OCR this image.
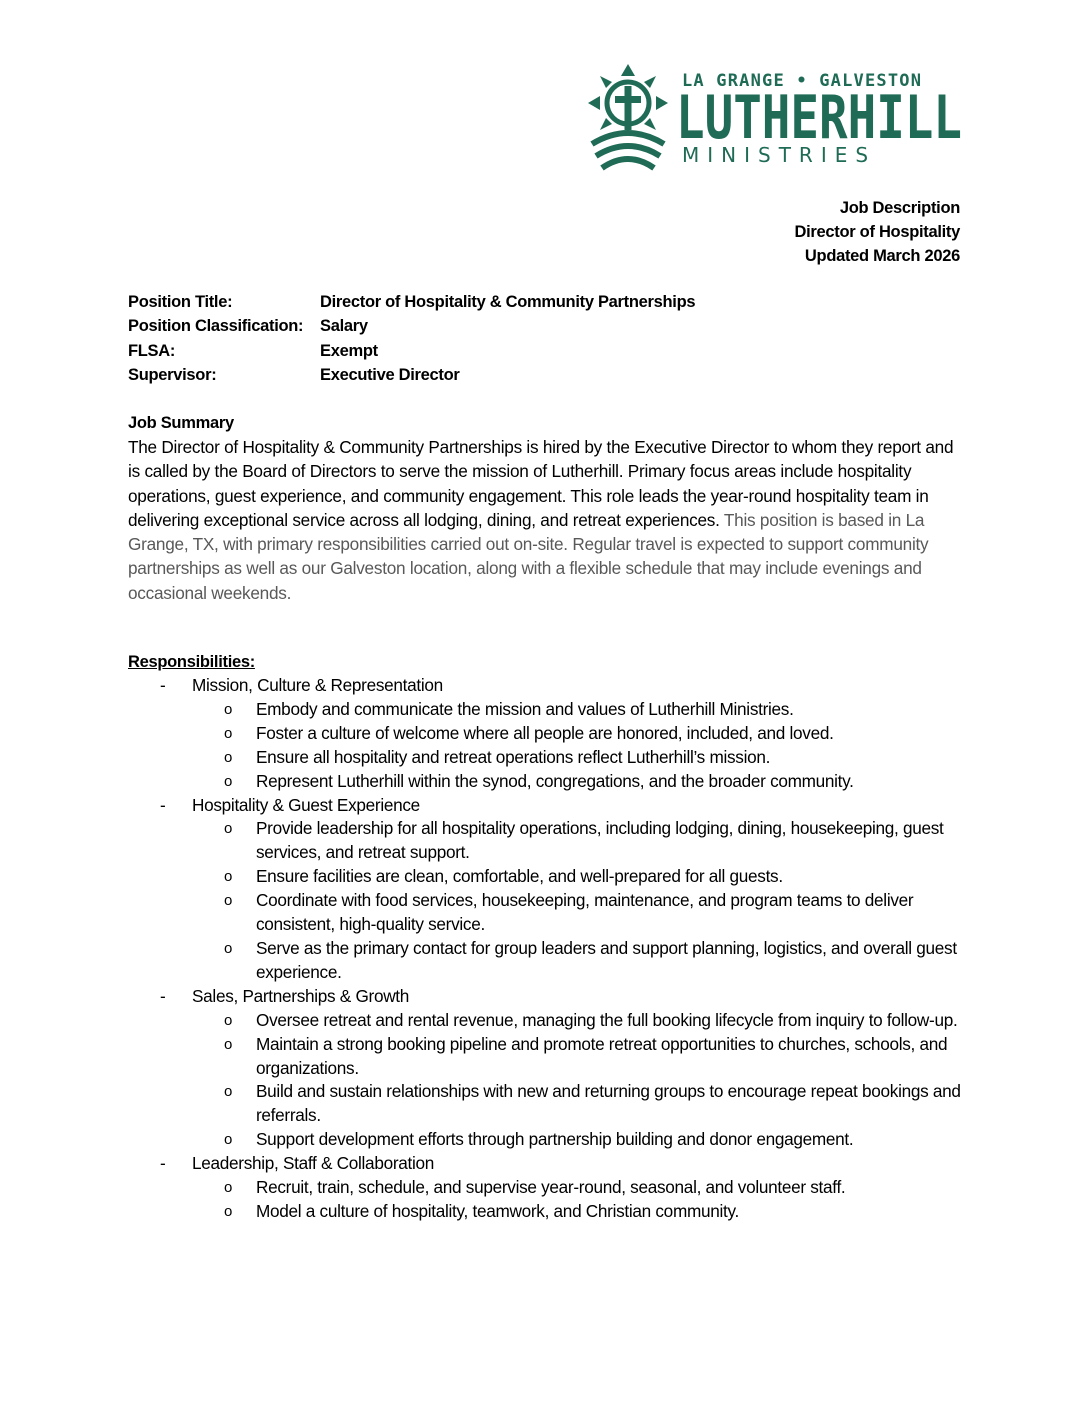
LA GRANGE • GALVESTON
LUTHERHILL
MINISTRIES
Job Description
Director of Hospitality
Updated March 2026
Position Title:	Director of Hospitality & Community Partnerships
Position Classification:	Salary
FLSA:	Exempt
Supervisor:	Executive Director
Job Summary
The Director of Hospitality & Community Partnerships is hired by the Executive Director to whom they report and is called by the Board of Directors to serve the mission of Lutherhill. Primary focus areas include hospitality operations, guest experience, and community engagement. This role leads the year-round hospitality team in delivering exceptional service across all lodging, dining, and retreat experiences. This position is based in La Grange, TX, with primary responsibilities carried out on-site. Regular travel is expected to support community partnerships as well as our Galveston location, along with a flexible schedule that may include evenings and occasional weekends.
Responsibilities:
- Mission, Culture & Representation
o Embody and communicate the mission and values of Lutherhill Ministries.
o Foster a culture of welcome where all people are honored, included, and loved.
o Ensure all hospitality and retreat operations reflect Lutherhill’s mission.
o Represent Lutherhill within the synod, congregations, and the broader community.
- Hospitality & Guest Experience
o Provide leadership for all hospitality operations, including lodging, dining, housekeeping, guest services, and retreat support.
o Ensure facilities are clean, comfortable, and well-prepared for all guests.
o Coordinate with food services, housekeeping, maintenance, and program teams to deliver consistent, high-quality service.
o Serve as the primary contact for group leaders and support planning, logistics, and overall guest experience.
- Sales, Partnerships & Growth
o Oversee retreat and rental revenue, managing the full booking lifecycle from inquiry to follow-up.
o Maintain a strong booking pipeline and promote retreat opportunities to churches, schools, and organizations.
o Build and sustain relationships with new and returning groups to encourage repeat bookings and referrals.
o Support development efforts through partnership building and donor engagement.
- Leadership, Staff & Collaboration
o Recruit, train, schedule, and supervise year-round, seasonal, and volunteer staff.
o Model a culture of hospitality, teamwork, and Christian community.
